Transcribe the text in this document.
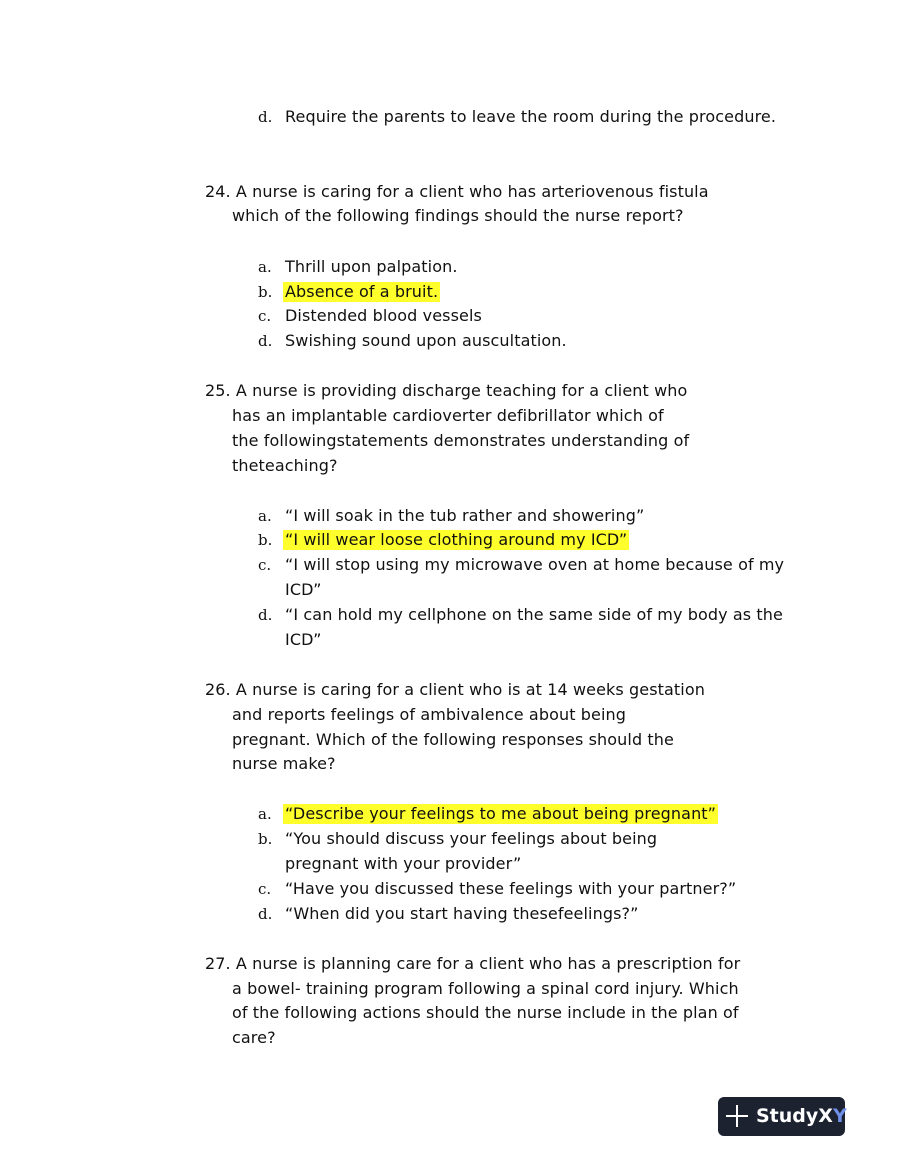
d. Require the parents to leave the room during the procedure.
24. A nurse is caring for a client who has arteriovenous fistula
which of the following findings should the nurse report?
a. Thrill upon palpation.
b. Absence of a bruit.
c. Distended blood vessels
d. Swishing sound upon auscultation.
25. A nurse is providing discharge teaching for a client who
has an implantable cardioverter defibrillator which of
the followingstatements demonstrates understanding of
theteaching?
a. “I will soak in the tub rather and showering”
b. “I will wear loose clothing around my ICD”
c. “I will stop using my microwave oven at home because of my
ICD”
d. “I can hold my cellphone on the same side of my body as the
ICD”
26. A nurse is caring for a client who is at 14 weeks gestation
and reports feelings of ambivalence about being
pregnant. Which of the following responses should the
nurse make?
a. “Describe your feelings to me about being pregnant”
b. “You should discuss your feelings about being
pregnant with your provider”
c. “Have you discussed these feelings with your partner?”
d. “When did you start having thesefeelings?”
27. A nurse is planning care for a client who has a prescription for
a bowel- training program following a spinal cord injury. Which
of the following actions should the nurse include in the plan of
care?
StudyXY
